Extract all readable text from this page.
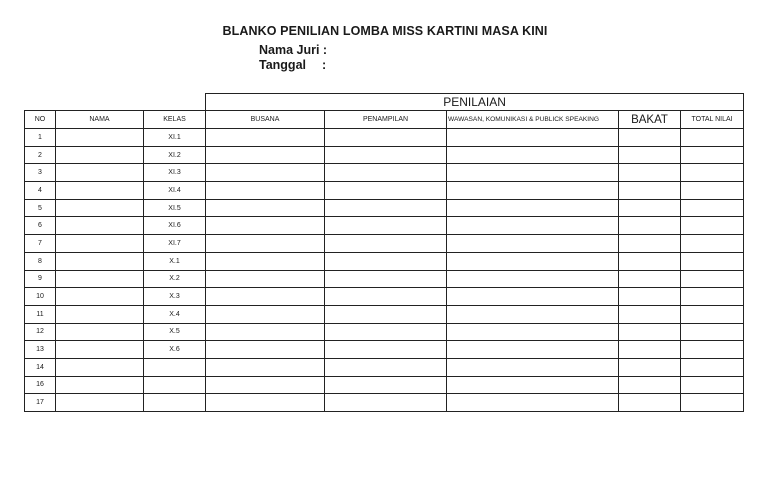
BLANKO PENILIAN LOMBA MISS KARTINI MASA KINI
Nama Juri :
Tanggal :
			PENILAIAN				
NO	NAMA	KELAS	BUSANA	PENAMPILAN	WAWASAN, KOMUNIKASI & PUBLICK SPEAKING	BAKAT	TOTAL NILAI
1		XI.1					
2		XI.2					
3		XI.3					
4		XI.4					
5		XI.5					
6		XI.6					
7		XI.7					
8		X.1					
9		X.2					
10		X.3					
11		X.4					
12		X.5					
13		X.6					
14							
16							
17							
